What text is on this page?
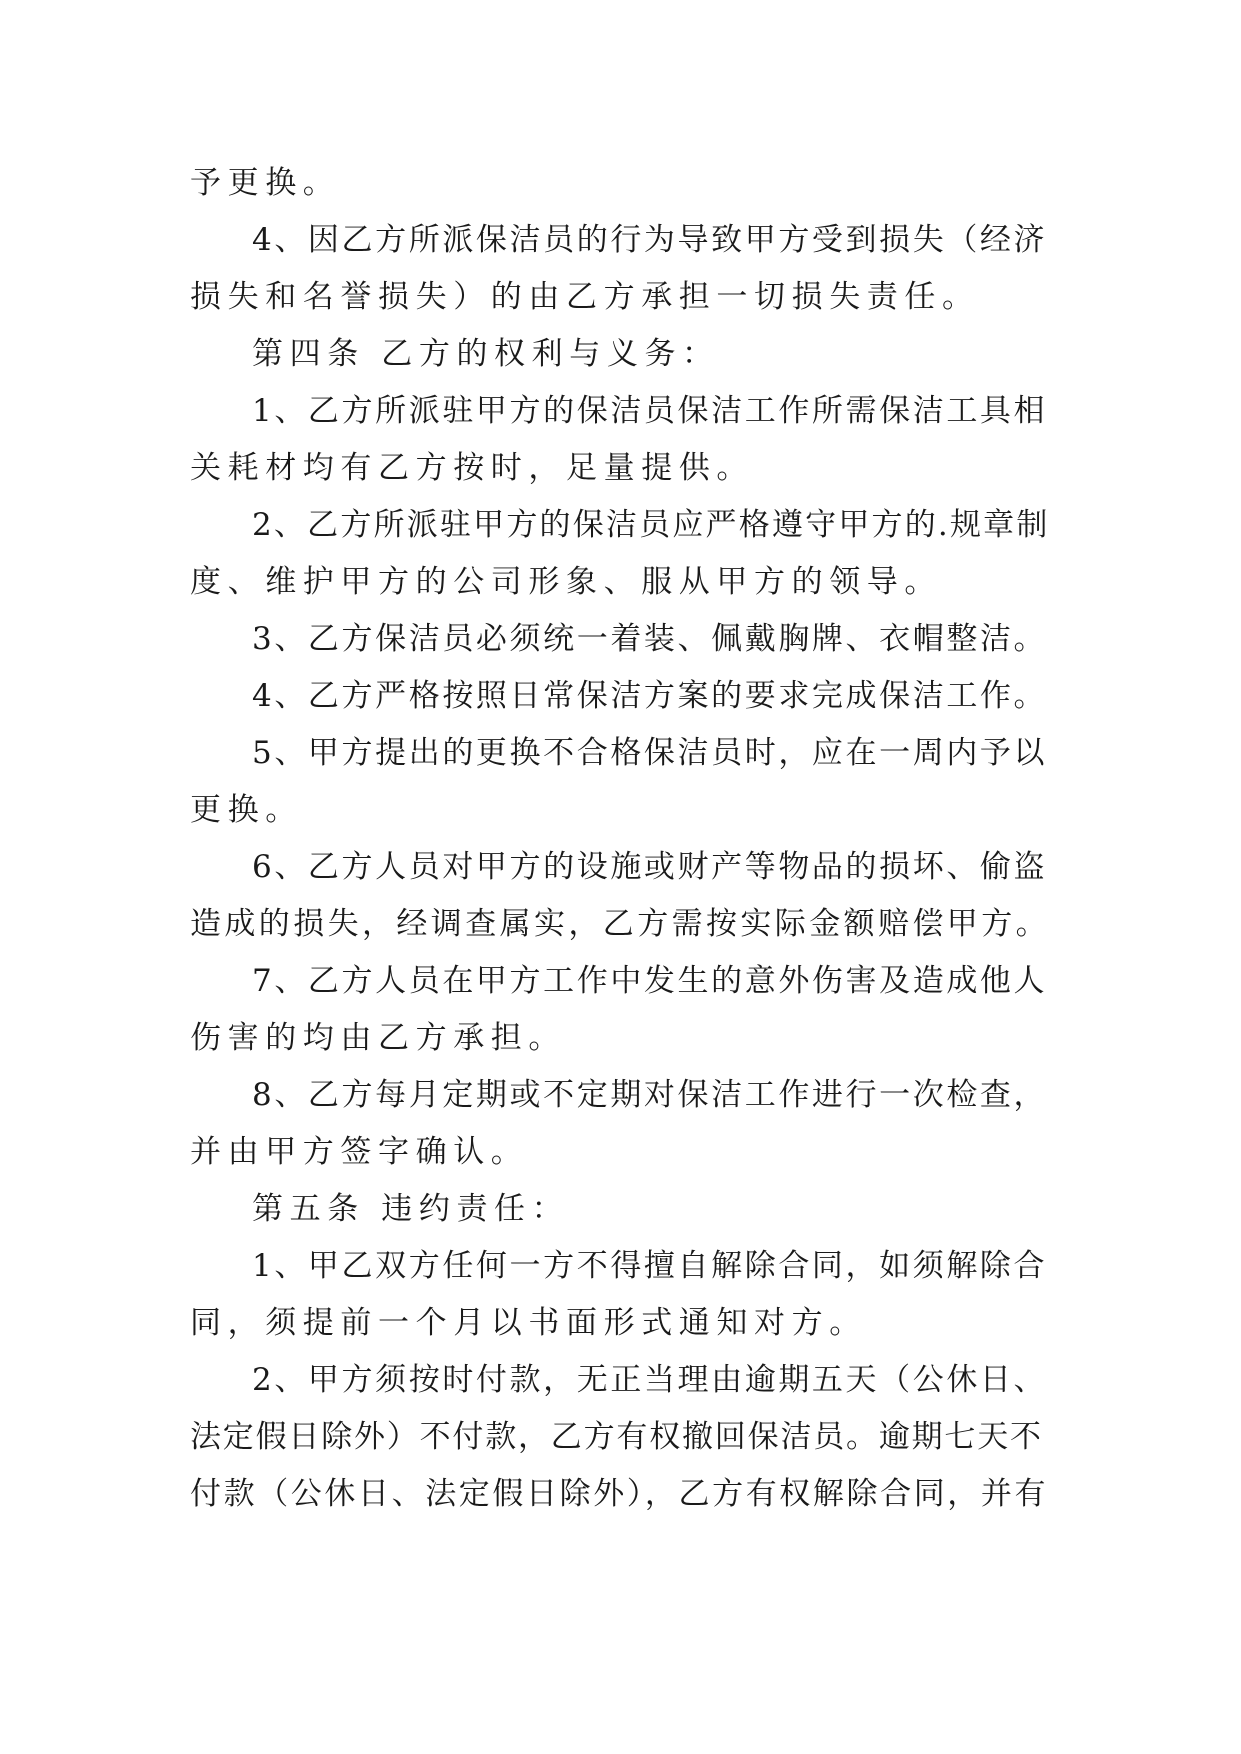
予更换。
4、因乙方所派保洁员的行为导致甲方受到损失（经济
损失和名誉损失）的由乙方承担一切损失责任。
第四条 乙方的权利与义务：
1、乙方所派驻甲方的保洁员保洁工作所需保洁工具相
关耗材均有乙方按时，足量提供。
2、乙方所派驻甲方的保洁员应严格遵守甲方的.规章制
度、维护甲方的公司形象、服从甲方的领导。
3、乙方保洁员必须统一着装、佩戴胸牌、衣帽整洁。
4、乙方严格按照日常保洁方案的要求完成保洁工作。
5、甲方提出的更换不合格保洁员时，应在一周内予以
更换。
6、乙方人员对甲方的设施或财产等物品的损坏、偷盗
造成的损失，经调查属实，乙方需按实际金额赔偿甲方。
7、乙方人员在甲方工作中发生的意外伤害及造成他人
伤害的均由乙方承担。
8、乙方每月定期或不定期对保洁工作进行一次检查，
并由甲方签字确认。
第五条 违约责任：
1、甲乙双方任何一方不得擅自解除合同，如须解除合
同，须提前一个月以书面形式通知对方。
2、甲方须按时付款，无正当理由逾期五天（公休日、
法定假日除外）不付款，乙方有权撤回保洁员。逾期七天不
付款（公休日、法定假日除外），乙方有权解除合同，并有
